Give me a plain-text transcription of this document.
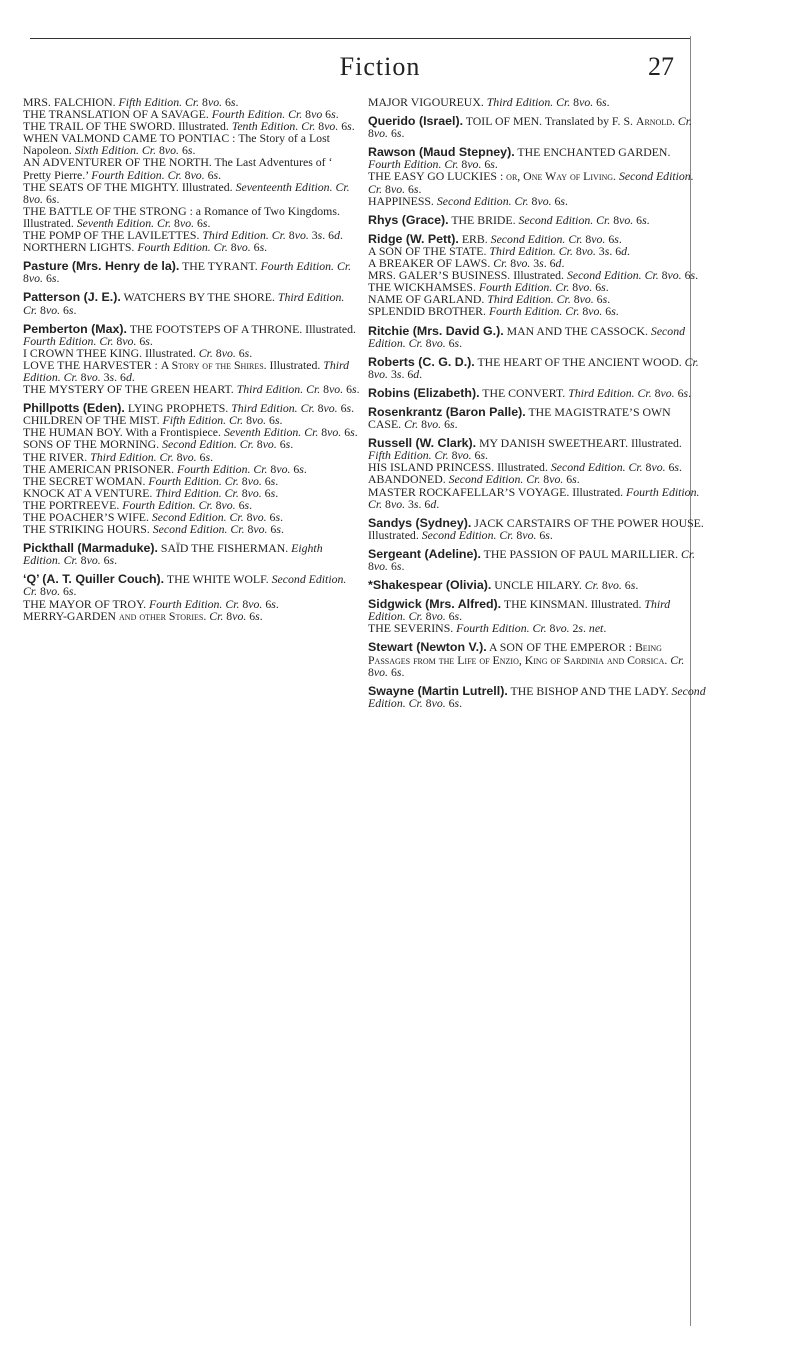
Fiction	27

MRS. FALCHION. Fifth Edition. Cr. 8vo. 6s.

THE TRANSLATION OF A SAVAGE. Fourth Edition. Cr. 8vo 6s.

THE TRAIL OF THE SWORD. Illustrated. Tenth Edition. Cr. 8vo. 6s.

WHEN VALMOND CAME TO PONTIAC : The Story of a Lost Napoleon. Sixth Edition. Cr. 8vo. 6s.

AN ADVENTURER OF THE NORTH. The Last Adventures of ‘ Pretty Pierre.’ Fourth Edition. Cr. 8vo. 6s.

THE SEATS OF THE MIGHTY. Illustrated. Seventeenth Edition. Cr. 8vo. 6s.

THE BATTLE OF THE STRONG : a Romance of Two Kingdoms. Illustrated. Seventh Edition. Cr. 8vo. 6s.

THE POMP OF THE LAVILETTES. Third Edition. Cr. 8vo. 3s. 6d.

NORTHERN LIGHTS. Fourth Edition. Cr. 8vo. 6s.

Pasture (Mrs. Henry de la). THE TYRANT. Fourth Edition. Cr. 8vo. 6s.

Patterson (J. E.). WATCHERS BY THE SHORE. Third Edition. Cr. 8vo. 6s.

Pemberton (Max). THE FOOTSTEPS OF A THRONE. Illustrated. Fourth Edition. Cr. 8vo. 6s.

I CROWN THEE KING. Illustrated. Cr. 8vo. 6s.

LOVE THE HARVESTER : A Story of the Shires. Illustrated. Third Edition. Cr. 8vo. 3s. 6d.

THE MYSTERY OF THE GREEN HEART. Third Edition. Cr. 8vo. 6s.

Phillpotts (Eden). LYING PROPHETS. Third Edition. Cr. 8vo. 6s.

CHILDREN OF THE MIST. Fifth Edition. Cr. 8vo. 6s.

THE HUMAN BOY. With a Frontispiece. Seventh Edition. Cr. 8vo. 6s.

SONS OF THE MORNING. Second Edition. Cr. 8vo. 6s.

THE RIVER. Third Edition. Cr. 8vo. 6s.

THE AMERICAN PRISONER. Fourth Edition. Cr. 8vo. 6s.

THE SECRET WOMAN. Fourth Edition. Cr. 8vo. 6s.

KNOCK AT A VENTURE. Third Edition. Cr. 8vo. 6s.

THE PORTREEVE. Fourth Edition. Cr. 8vo. 6s.

THE POACHER’S WIFE. Second Edition. Cr. 8vo. 6s.

THE STRIKING HOURS. Second Edition. Cr. 8vo. 6s.

Pickthall (Marmaduke). SAÏD THE FISHERMAN. Eighth Edition. Cr. 8vo. 6s.

‘Q’ (A. T. Quiller Couch). THE WHITE WOLF. Second Edition. Cr. 8vo. 6s.

THE MAYOR OF TROY. Fourth Edition. Cr. 8vo. 6s.

MERRY-GARDEN and other Stories. Cr. 8vo. 6s.

MAJOR VIGOUREUX. Third Edition. Cr. 8vo. 6s.

Querido (Israel). TOIL OF MEN. Translated by F. S. Arnold. Cr. 8vo. 6s.

Rawson (Maud Stepney). THE ENCHANTED GARDEN. Fourth Edition. Cr. 8vo. 6s.

THE EASY GO LUCKIES : or, One Way of Living. Second Edition. Cr. 8vo. 6s.

HAPPINESS. Second Edition. Cr. 8vo. 6s.

Rhys (Grace). THE BRIDE. Second Edition. Cr. 8vo. 6s.

Ridge (W. Pett). ERB. Second Edition. Cr. 8vo. 6s.

A SON OF THE STATE. Third Edition. Cr. 8vo. 3s. 6d.

A BREAKER OF LAWS. Cr. 8vo. 3s. 6d.

MRS. GALER’S BUSINESS. Illustrated. Second Edition. Cr. 8vo. 6s.

THE WICKHAMSES. Fourth Edition. Cr. 8vo. 6s.

NAME OF GARLAND. Third Edition. Cr. 8vo. 6s.

SPLENDID BROTHER. Fourth Edition. Cr. 8vo. 6s.

Ritchie (Mrs. David G.). MAN AND THE CASSOCK. Second Edition. Cr. 8vo. 6s.

Roberts (C. G. D.). THE HEART OF THE ANCIENT WOOD. Cr. 8vo. 3s. 6d.

Robins (Elizabeth). THE CONVERT. Third Edition. Cr. 8vo. 6s.

Rosenkrantz (Baron Palle). THE MAGISTRATE’S OWN CASE. Cr. 8vo. 6s.

Russell (W. Clark). MY DANISH SWEETHEART. Illustrated. Fifth Edition. Cr. 8vo. 6s.

HIS ISLAND PRINCESS. Illustrated. Second Edition. Cr. 8vo. 6s.

ABANDONED. Second Edition. Cr. 8vo. 6s.

MASTER ROCKAFELLAR’S VOYAGE. Illustrated. Fourth Edition. Cr. 8vo. 3s. 6d.

Sandys (Sydney). JACK CARSTAIRS OF THE POWER HOUSE. Illustrated. Second Edition. Cr. 8vo. 6s.

Sergeant (Adeline). THE PASSION OF PAUL MARILLIER. Cr. 8vo. 6s.

*Shakespear (Olivia). UNCLE HILARY. Cr. 8vo. 6s.

Sidgwick (Mrs. Alfred). THE KINSMAN. Illustrated. Third Edition. Cr. 8vo. 6s.

THE SEVERINS. Fourth Edition. Cr. 8vo. 2s. net.

Stewart (Newton V.). A SON OF THE EMPEROR : Being Passages from the Life of Enzio, King of Sardinia and Corsica. Cr. 8vo. 6s.

Swayne (Martin Lutrell). THE BISHOP AND THE LADY. Second Edition. Cr. 8vo. 6s.
